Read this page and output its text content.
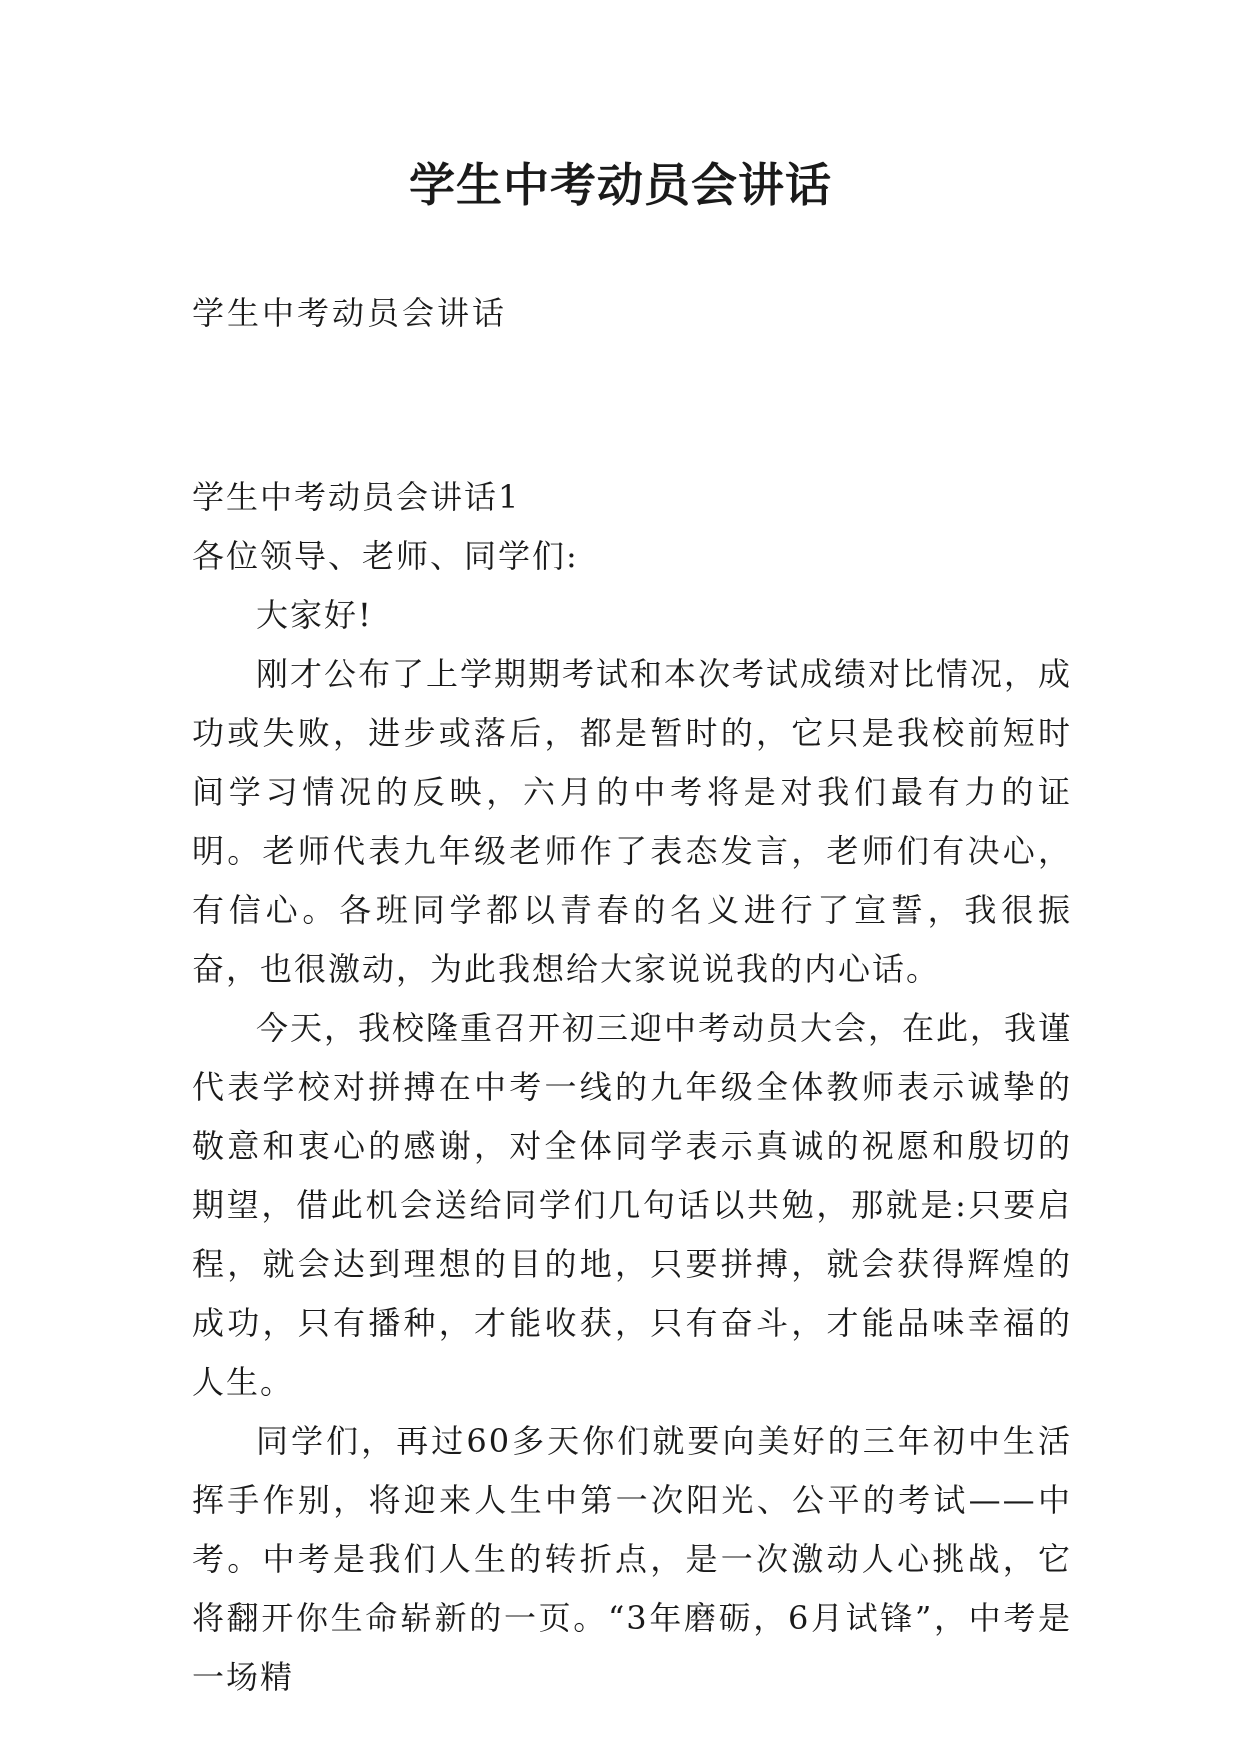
学生中考动员会讲话

学生中考动员会讲话

学生中考动员会讲话1

各位领导、老师、同学们:

大家好!

刚才公布了上学期期考试和本次考试成绩对比情况，成功或失败，进步或落后，都是暂时的，它只是我校前短时间学习情况的反映，六月的中考将是对我们最有力的证明。老师代表九年级老师作了表态发言，老师们有决心，有信心。各班同学都以青春的名义进行了宣誓，我很振奋，也很激动，为此我想给大家说说我的内心话。

今天，我校隆重召开初三迎中考动员大会，在此，我谨代表学校对拼搏在中考一线的九年级全体教师表示诚挚的敬意和衷心的感谢，对全体同学表示真诚的祝愿和殷切的期望，借此机会送给同学们几句话以共勉，那就是:只要启程，就会达到理想的目的地，只要拼搏，就会获得辉煌的成功，只有播种，才能收获，只有奋斗，才能品味幸福的人生。

同学们，再过60多天你们就要向美好的三年初中生活挥手作别，将迎来人生中第一次阳光、公平的考试——中考。中考是我们人生的转折点，是一次激动人心挑战，它将翻开你生命崭新的一页。“3年磨砺，6月试锋”，中考是一场精
